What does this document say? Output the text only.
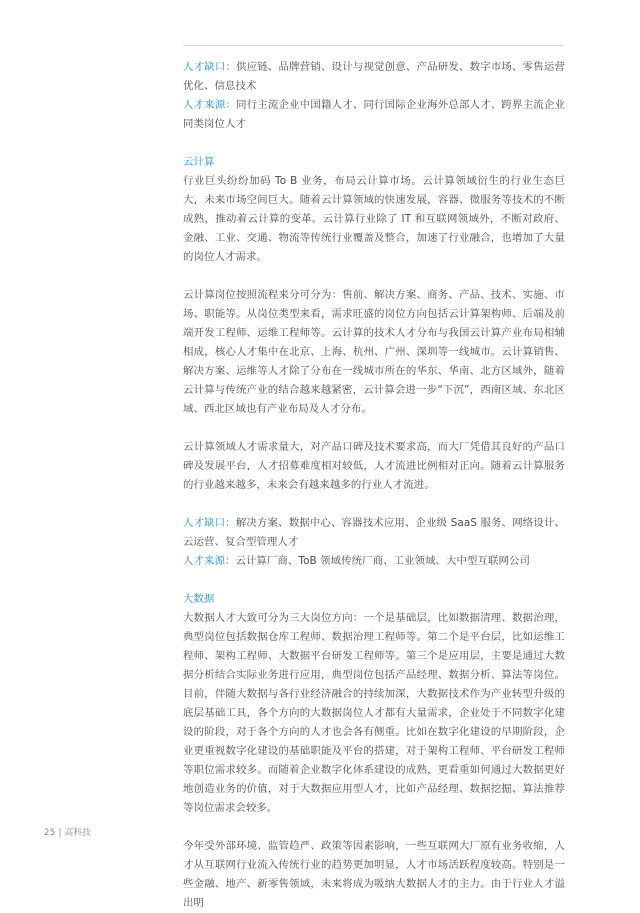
人才缺口：供应链、品牌营销、设计与视觉创意、产品研发、数字市场、零售运营优化、信息技术

人才来源：同行主流企业中国籍人才、同行国际企业海外总部人才、跨界主流企业同类岗位人才

云计算

行业巨头纷纷加码 To B 业务，布局云计算市场。云计算领域衍生的行业生态巨大，未来市场空间巨大。随着云计算领域的快速发展，容器、微服务等技术的不断成熟，推动着云计算的变革。云计算行业除了 IT 和互联网领域外，不断对政府、金融、工业、交通、物流等传统行业覆盖及整合，加速了行业融合，也增加了大量的岗位人才需求。

云计算岗位按照流程来分可分为：售前、解决方案、商务、产品、技术、实施、市场、职能等。从岗位类型来看，需求旺盛的岗位方向包括云计算架构师、后端及前端开发工程师、运维工程师等。云计算的技术人才分布与我国云计算产业布局相辅相成，核心人才集中在北京、上海、杭州、广州、深圳等一线城市。云计算销售、解决方案、运维等人才除了分布在一线城市所在的华东、华南、北方区域外，随着云计算与传统产业的结合越来越紧密，云计算会进一步“下沉”，西南区域、东北区域、西北区域也有产业布局及人才分布。

云计算领域人才需求量大，对产品口碑及技术要求高，而大厂凭借其良好的产品口碑及发展平台，人才招募难度相对较低，人才流进比例相对正向。随着云计算服务的行业越来越多，未来会有越来越多的行业人才流进。

人才缺口：解决方案、数据中心、容器技术应用、企业级 SaaS 服务、网络设计、云运营、复合型管理人才

人才来源：云计算厂商、ToB 领域传统厂商、工业领域、大中型互联网公司

大数据

大数据人才大致可分为三大岗位方向：一个是基础层，比如数据清理、数据治理，典型岗位包括数据仓库工程师、数据治理工程师等。第二个是平台层，比如运维工程师、架构工程师、大数据平台研发工程师等。第三个是应用层，主要是通过大数据分析结合实际业务进行应用，典型岗位包括产品经理、数据分析、算法等岗位。目前，伴随大数据与各行业经济融合的持续加深，大数据技术作为产业转型升级的底层基础工具，各个方向的大数据岗位人才都有大量需求，企业处于不同数字化建设的阶段，对于各个方向的人才也会各有侧重。比如在数字化建设的早期阶段，企业更重视数字化建设的基础职能及平台的搭建，对于架构工程师、平台研发工程师等职位需求较多。而随着企业数字化体系建设的成熟，更看重如何通过大数据更好地创造业务的价值，对于大数据应用型人才，比如产品经理、数据挖掘、算法推荐等岗位需求会较多。

今年受外部环境、监管趋严、政策等因素影响，一些互联网大厂原有业务收缩，人才从互联网行业流入传统行业的趋势更加明显，人才市场活跃程度较高。特别是一些金融、地产、新零售领域，未来将成为吸纳大数据人才的主力。由于行业人才溢出明

25 | 高科技
